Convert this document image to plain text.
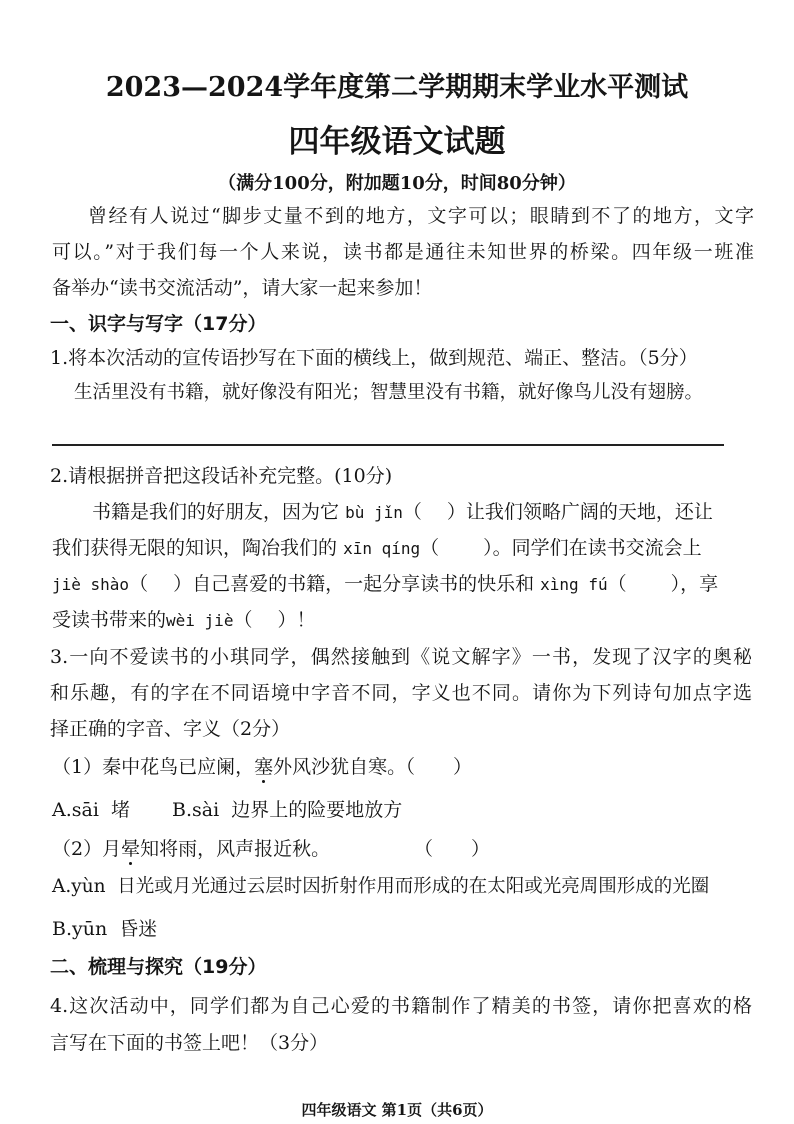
2023—2024学年度第二学期期末学业水平测试
四年级语文试题
（满分100分，附加题10分，时间80分钟）
曾经有人说过“脚步丈量不到的地方，文字可以；眼睛到不了的地方，文字
可以。”对于我们每一个人来说，读书都是通往未知世界的桥梁。四年级一班准
备举办“读书交流活动”，请大家一起来参加！
一、识字与写字（17分）
1.将本次活动的宣传语抄写在下面的横线上，做到规范、端正、整洁。（5分）
生活里没有书籍，就好像没有阳光；智慧里没有书籍，就好像鸟儿没有翅膀。
2.请根据拼音把这段话补充完整。(10分)
书籍是我们的好朋友，因为它 bù jǐn（　 ）让我们领略广阔的天地，还让
我们获得无限的知识，陶冶我们的 xīn qíng（　　 ）。同学们在读书交流会上
jiè shào（　 ）自己喜爱的书籍，一起分享读书的快乐和 xìng fú（　　 ），享
受读书带来的wèi jiè（　 ）！
3.一向不爱读书的小琪同学，偶然接触到《说文解字》一书，发现了汉字的奥秘
和乐趣，有的字在不同语境中字音不同，字义也不同。请你为下列诗句加点字选
择正确的字音、字义（2分）
（1）秦中花鸟已应阑，塞外风沙犹自寒。
（　　）
A.sāi  堵 B.sài  边界上的险要地放方
（2）月晕知将雨，风声报近秋。	（　　）
A.yùn  日光或月光通过云层时因折射作用而形成的在太阳或光亮周围形成的光圈
B.yūn  昏迷
二、梳理与探究（19分）
4.这次活动中，同学们都为自己心爱的书籍制作了精美的书签，请你把喜欢的格
言写在下面的书签上吧！（3分）
四年级语文 第1页（共6页）
